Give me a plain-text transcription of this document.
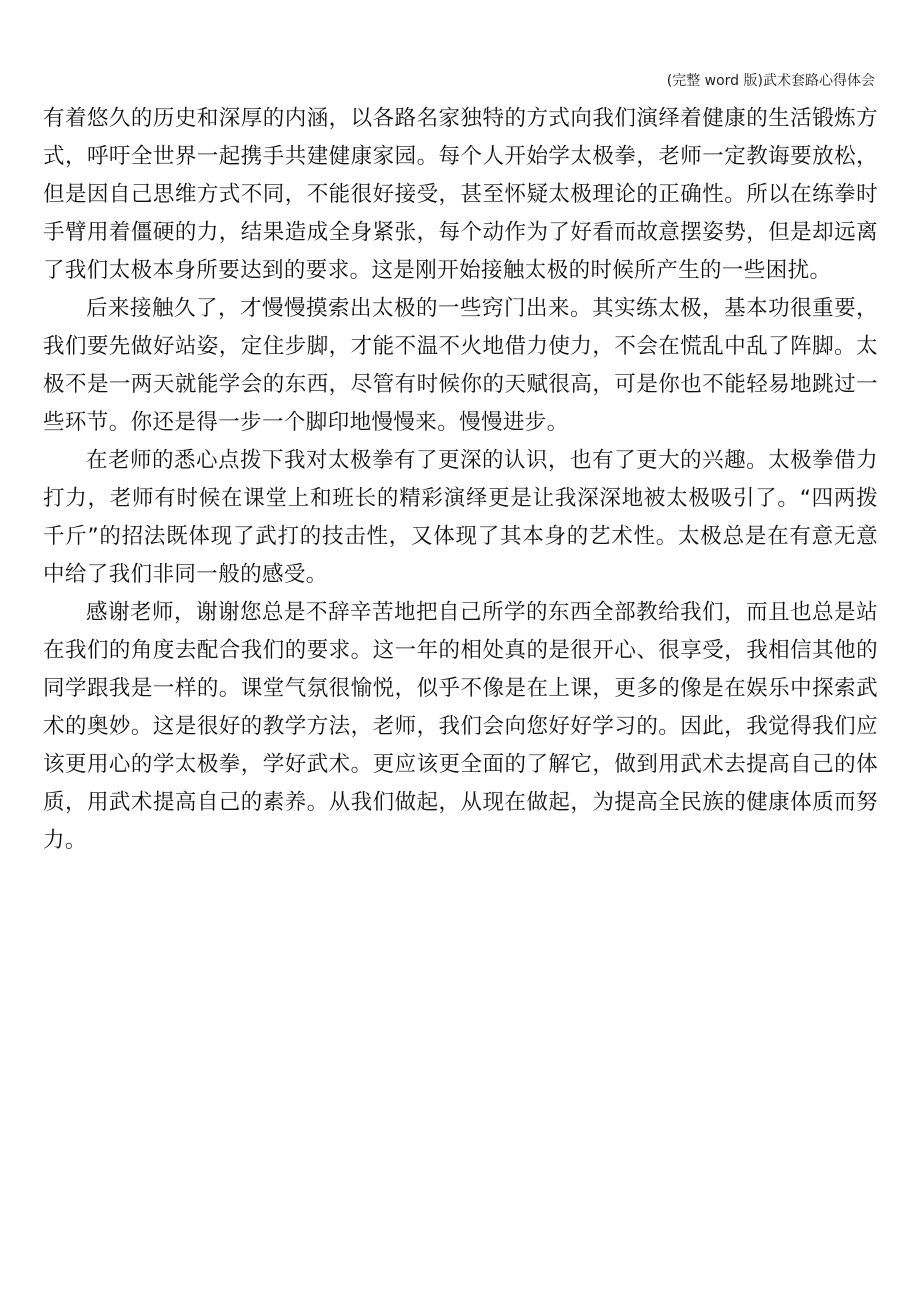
(完整 word 版)武术套路心得体会

有着悠久的历史和深厚的内涵，以各路名家独特的方式向我们演绎着健康的生活锻炼方式，呼吁全世界一起携手共建健康家园。每个人开始学太极拳，老师一定教诲要放松，但是因自己思维方式不同，不能很好接受，甚至怀疑太极理论的正确性。所以在练拳时手臂用着僵硬的力，结果造成全身紧张，每个动作为了好看而故意摆姿势，但是却远离了我们太极本身所要达到的要求。这是刚开始接触太极的时候所产生的一些困扰。

后来接触久了，才慢慢摸索出太极的一些窍门出来。其实练太极，基本功很重要，我们要先做好站姿，定住步脚，才能不温不火地借力使力，不会在慌乱中乱了阵脚。太极不是一两天就能学会的东西，尽管有时候你的天赋很高，可是你也不能轻易地跳过一些环节。你还是得一步一个脚印地慢慢来。慢慢进步。

在老师的悉心点拨下我对太极拳有了更深的认识，也有了更大的兴趣。太极拳借力打力，老师有时候在课堂上和班长的精彩演绎更是让我深深地被太极吸引了。“四两拨千斤”的招法既体现了武打的技击性，又体现了其本身的艺术性。太极总是在有意无意中给了我们非同一般的感受。

感谢老师，谢谢您总是不辞辛苦地把自己所学的东西全部教给我们，而且也总是站在我们的角度去配合我们的要求。这一年的相处真的是很开心、很享受，我相信其他的同学跟我是一样的。课堂气氛很愉悦，似乎不像是在上课，更多的像是在娱乐中探索武术的奥妙。这是很好的教学方法，老师，我们会向您好好学习的。因此，我觉得我们应该更用心的学太极拳，学好武术。更应该更全面的了解它，做到用武术去提高自己的体质，用武术提高自己的素养。从我们做起，从现在做起，为提高全民族的健康体质而努力。
